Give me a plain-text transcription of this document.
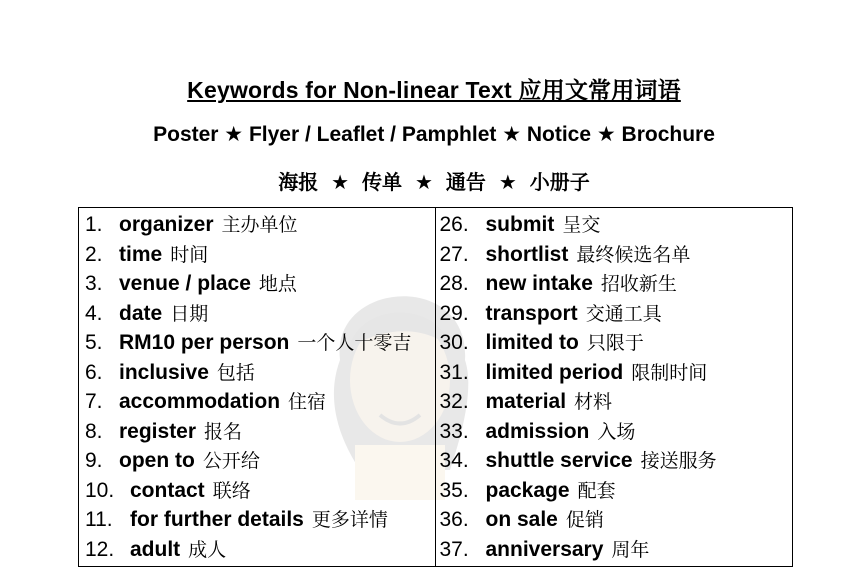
Keywords for Non-linear Text 应用文常用词语
Poster ★ Flyer / Leaflet / Pamphlet ★ Notice ★ Brochure
海报 ★ 传单 ★ 通告 ★ 小册子
1. organizer 主办单位
2. time 时间
3. venue / place 地点
4. date 日期
5. RM10 per person 一个人十零吉
6. inclusive 包括
7. accommodation 住宿
8. register 报名
9. open to 公开给
10. contact 联络
11. for further details 更多详情
12. adult 成人
26. submit 呈交
27. shortlist 最终候选名单
28. new intake 招收新生
29. transport 交通工具
30. limited to 只限于
31. limited period 限制时间
32. material 材料
33. admission 入场
34. shuttle service 接送服务
35. package 配套
36. on sale 促销
37. anniversary 周年
